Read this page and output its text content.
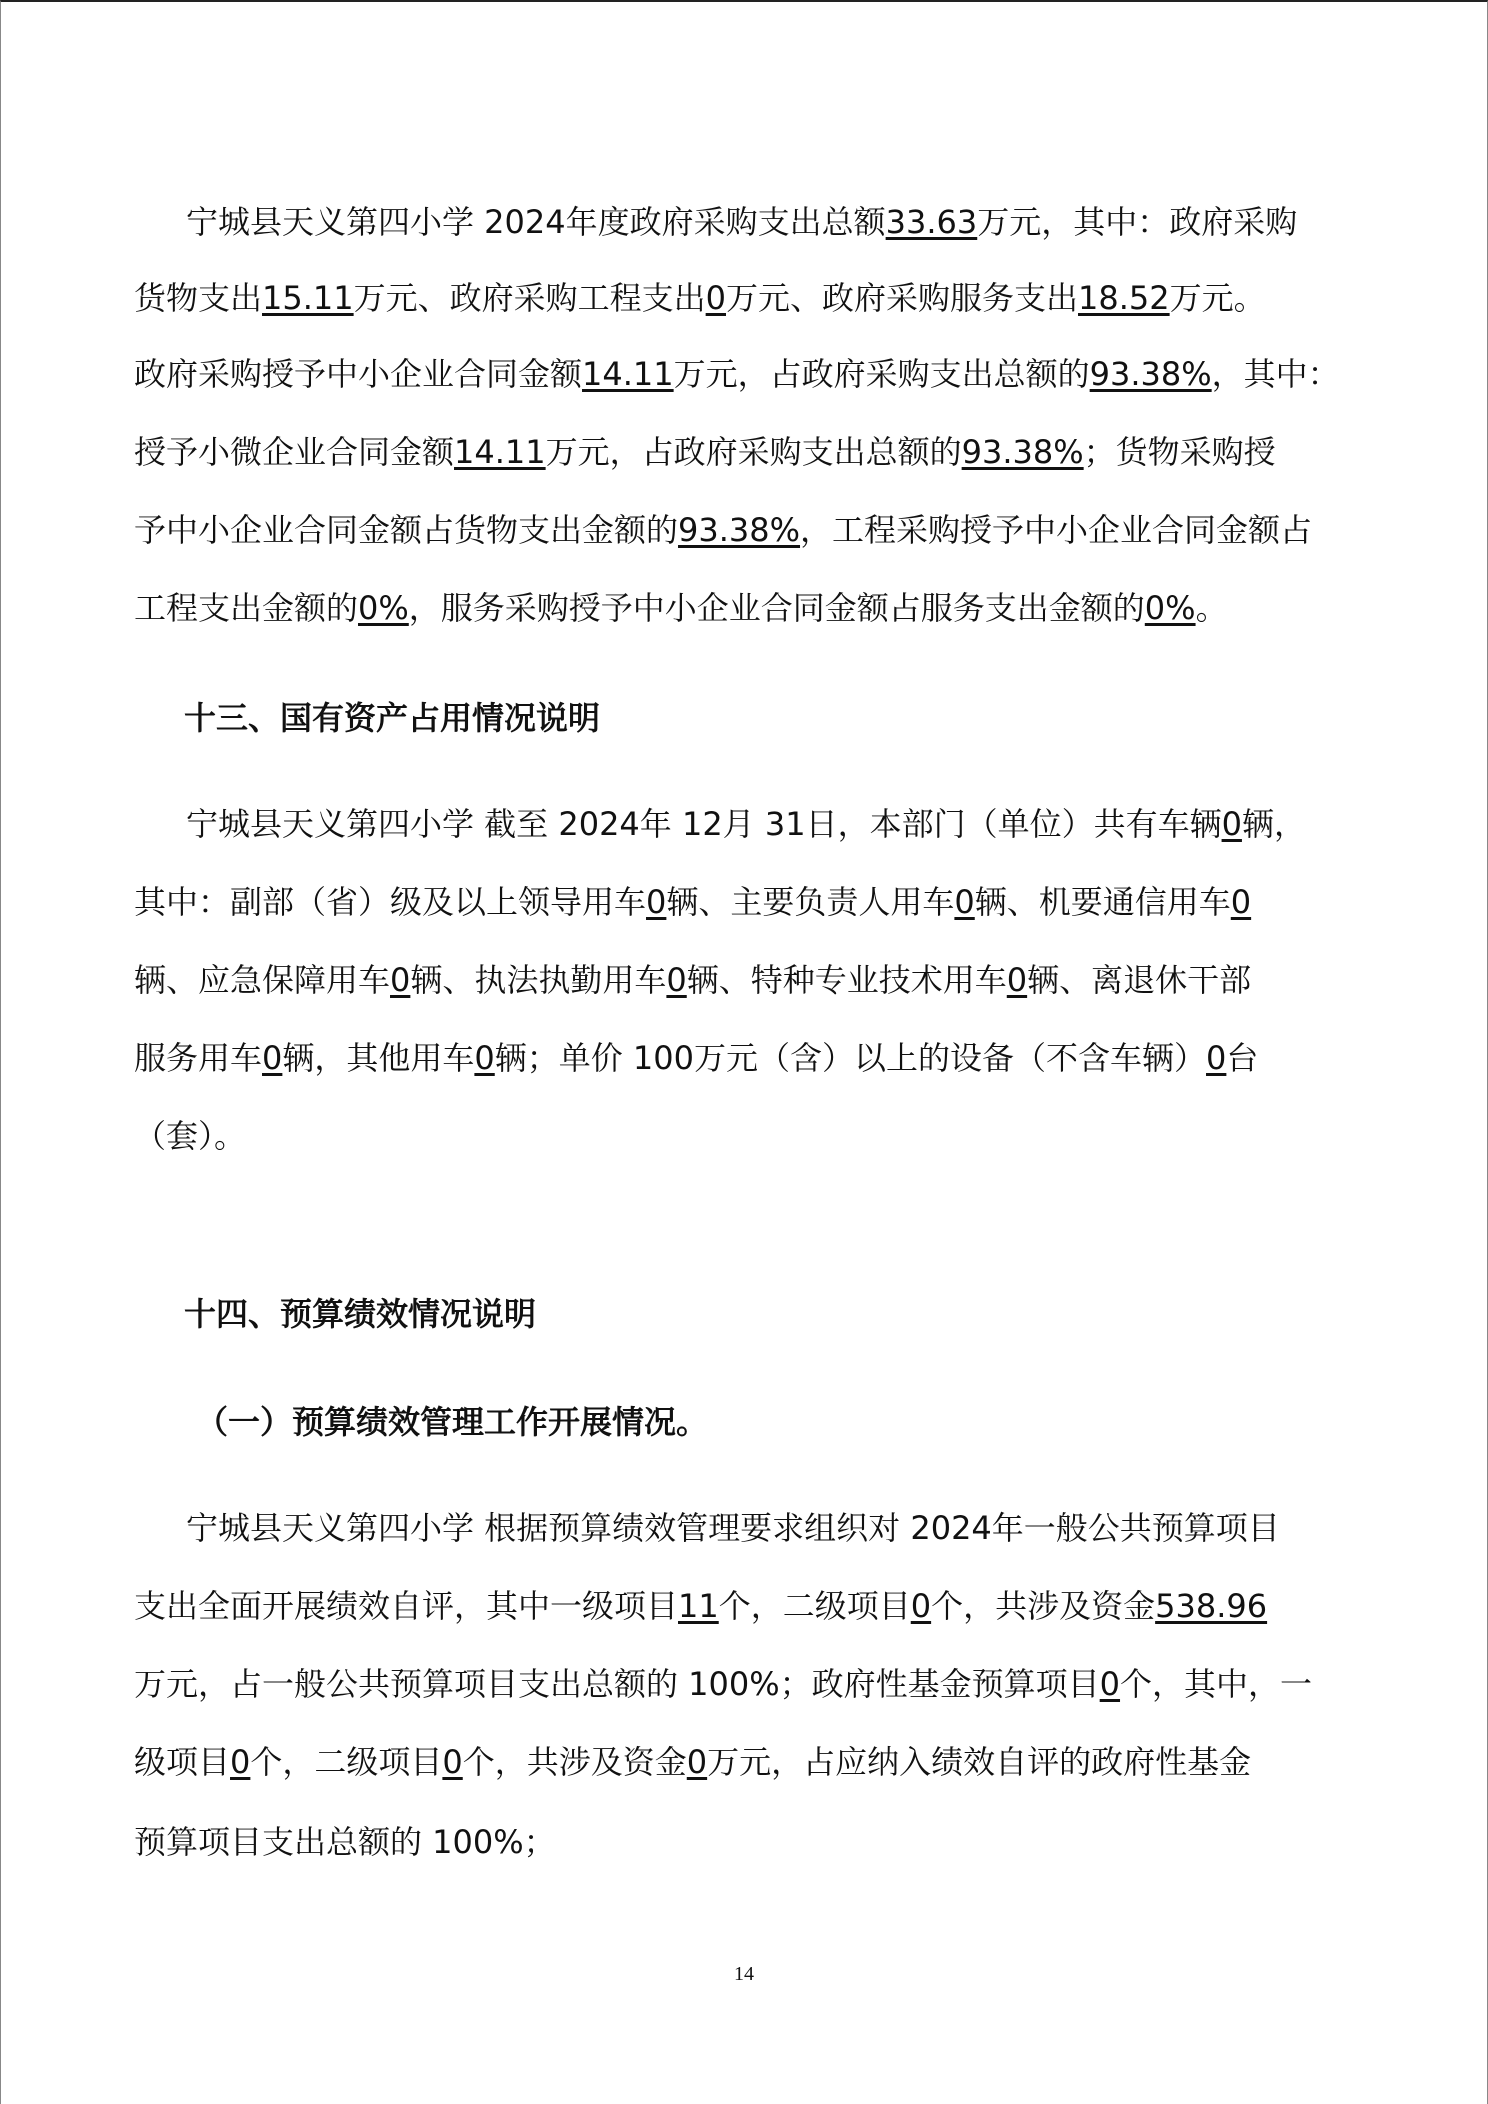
宁城县天义第四小学 2024年度政府采购支出总额33.63万元，其中：政府采购
货物支出15.11万元、政府采购工程支出0万元、政府采购服务支出18.52万元。
政府采购授予中小企业合同金额14.11万元，占政府采购支出总额的93.38%，其中：
授予小微企业合同金额14.11万元，占政府采购支出总额的93.38%；货物采购授
予中小企业合同金额占货物支出金额的93.38%，工程采购授予中小企业合同金额占
工程支出金额的0%，服务采购授予中小企业合同金额占服务支出金额的0%。
十三、国有资产占用情况说明
宁城县天义第四小学 截至 2024年 12月 31日，本部门（单位）共有车辆0辆，
其中：副部（省）级及以上领导用车0辆、主要负责人用车0辆、机要通信用车0
辆、应急保障用车0辆、执法执勤用车0辆、特种专业技术用车0辆、离退休干部
服务用车0辆，其他用车0辆；单价 100万元（含）以上的设备（不含车辆）0台
（套）。
十四、预算绩效情况说明
（一）预算绩效管理工作开展情况。
宁城县天义第四小学 根据预算绩效管理要求组织对 2024年一般公共预算项目
支出全面开展绩效自评，其中一级项目11个，二级项目0个，共涉及资金538.96
万元，占一般公共预算项目支出总额的 100%；政府性基金预算项目0个，其中，一
级项目0个，二级项目0个，共涉及资金0万元，占应纳入绩效自评的政府性基金
预算项目支出总额的 100%；
14
